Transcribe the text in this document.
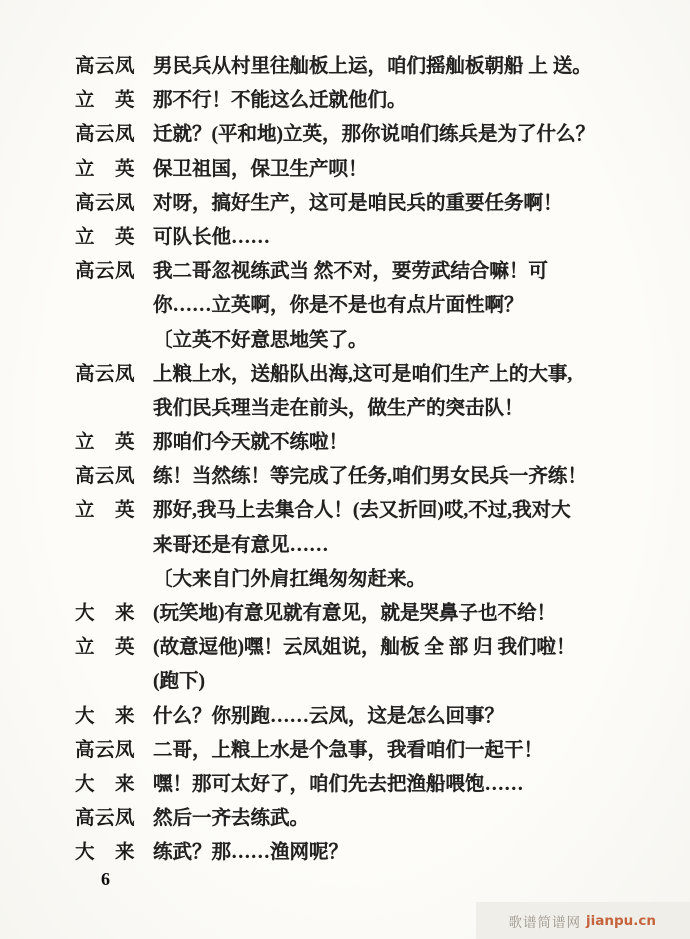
高云凤 男民兵从村里往舢板上运，咱们摇舢板朝船 上 送。
立　英 那不行！不能这么迁就他们。
高云凤 迁就？(平和地)立英，那你说咱们练兵是为了什么？
立　英 保卫祖国，保卫生产呗！
高云凤 对呀，搞好生产，这可是咱民兵的重要任务啊！
立　英 可队长他……
高云凤 我二哥忽视练武当 然不对，要劳武结合嘛！可
你……立英啊，你是不是也有点片面性啊？
〔立英不好意思地笑了。
高云凤 上粮上水，送船队出海,这可是咱们生产上的大事,
我们民兵理当走在前头，做生产的突击队！
立　英 那咱们今天就不练啦！
高云凤 练！当然练！等完成了任务,咱们男女民兵一齐练！
立　英 那好,我马上去集合人！(去又折回)哎,不过,我对大
来哥还是有意见……
〔大来自门外肩扛绳匆匆赶来。
大　来 (玩笑地)有意见就有意见，就是哭鼻子也不给！
立　英 (故意逗他)嘿！云凤姐说，舢板 全 部 归 我们啦！
(跑下)
大　来 什么？你别跑……云凤，这是怎么回事？
高云凤 二哥，上粮上水是个急事，我看咱们一起干！
大　来 嘿！那可太好了，咱们先去把渔船喂饱……
高云凤 然后一齐去练武。
大　来 练武？那……渔网呢？
6
歌谱简谱网 jianpu.cn
